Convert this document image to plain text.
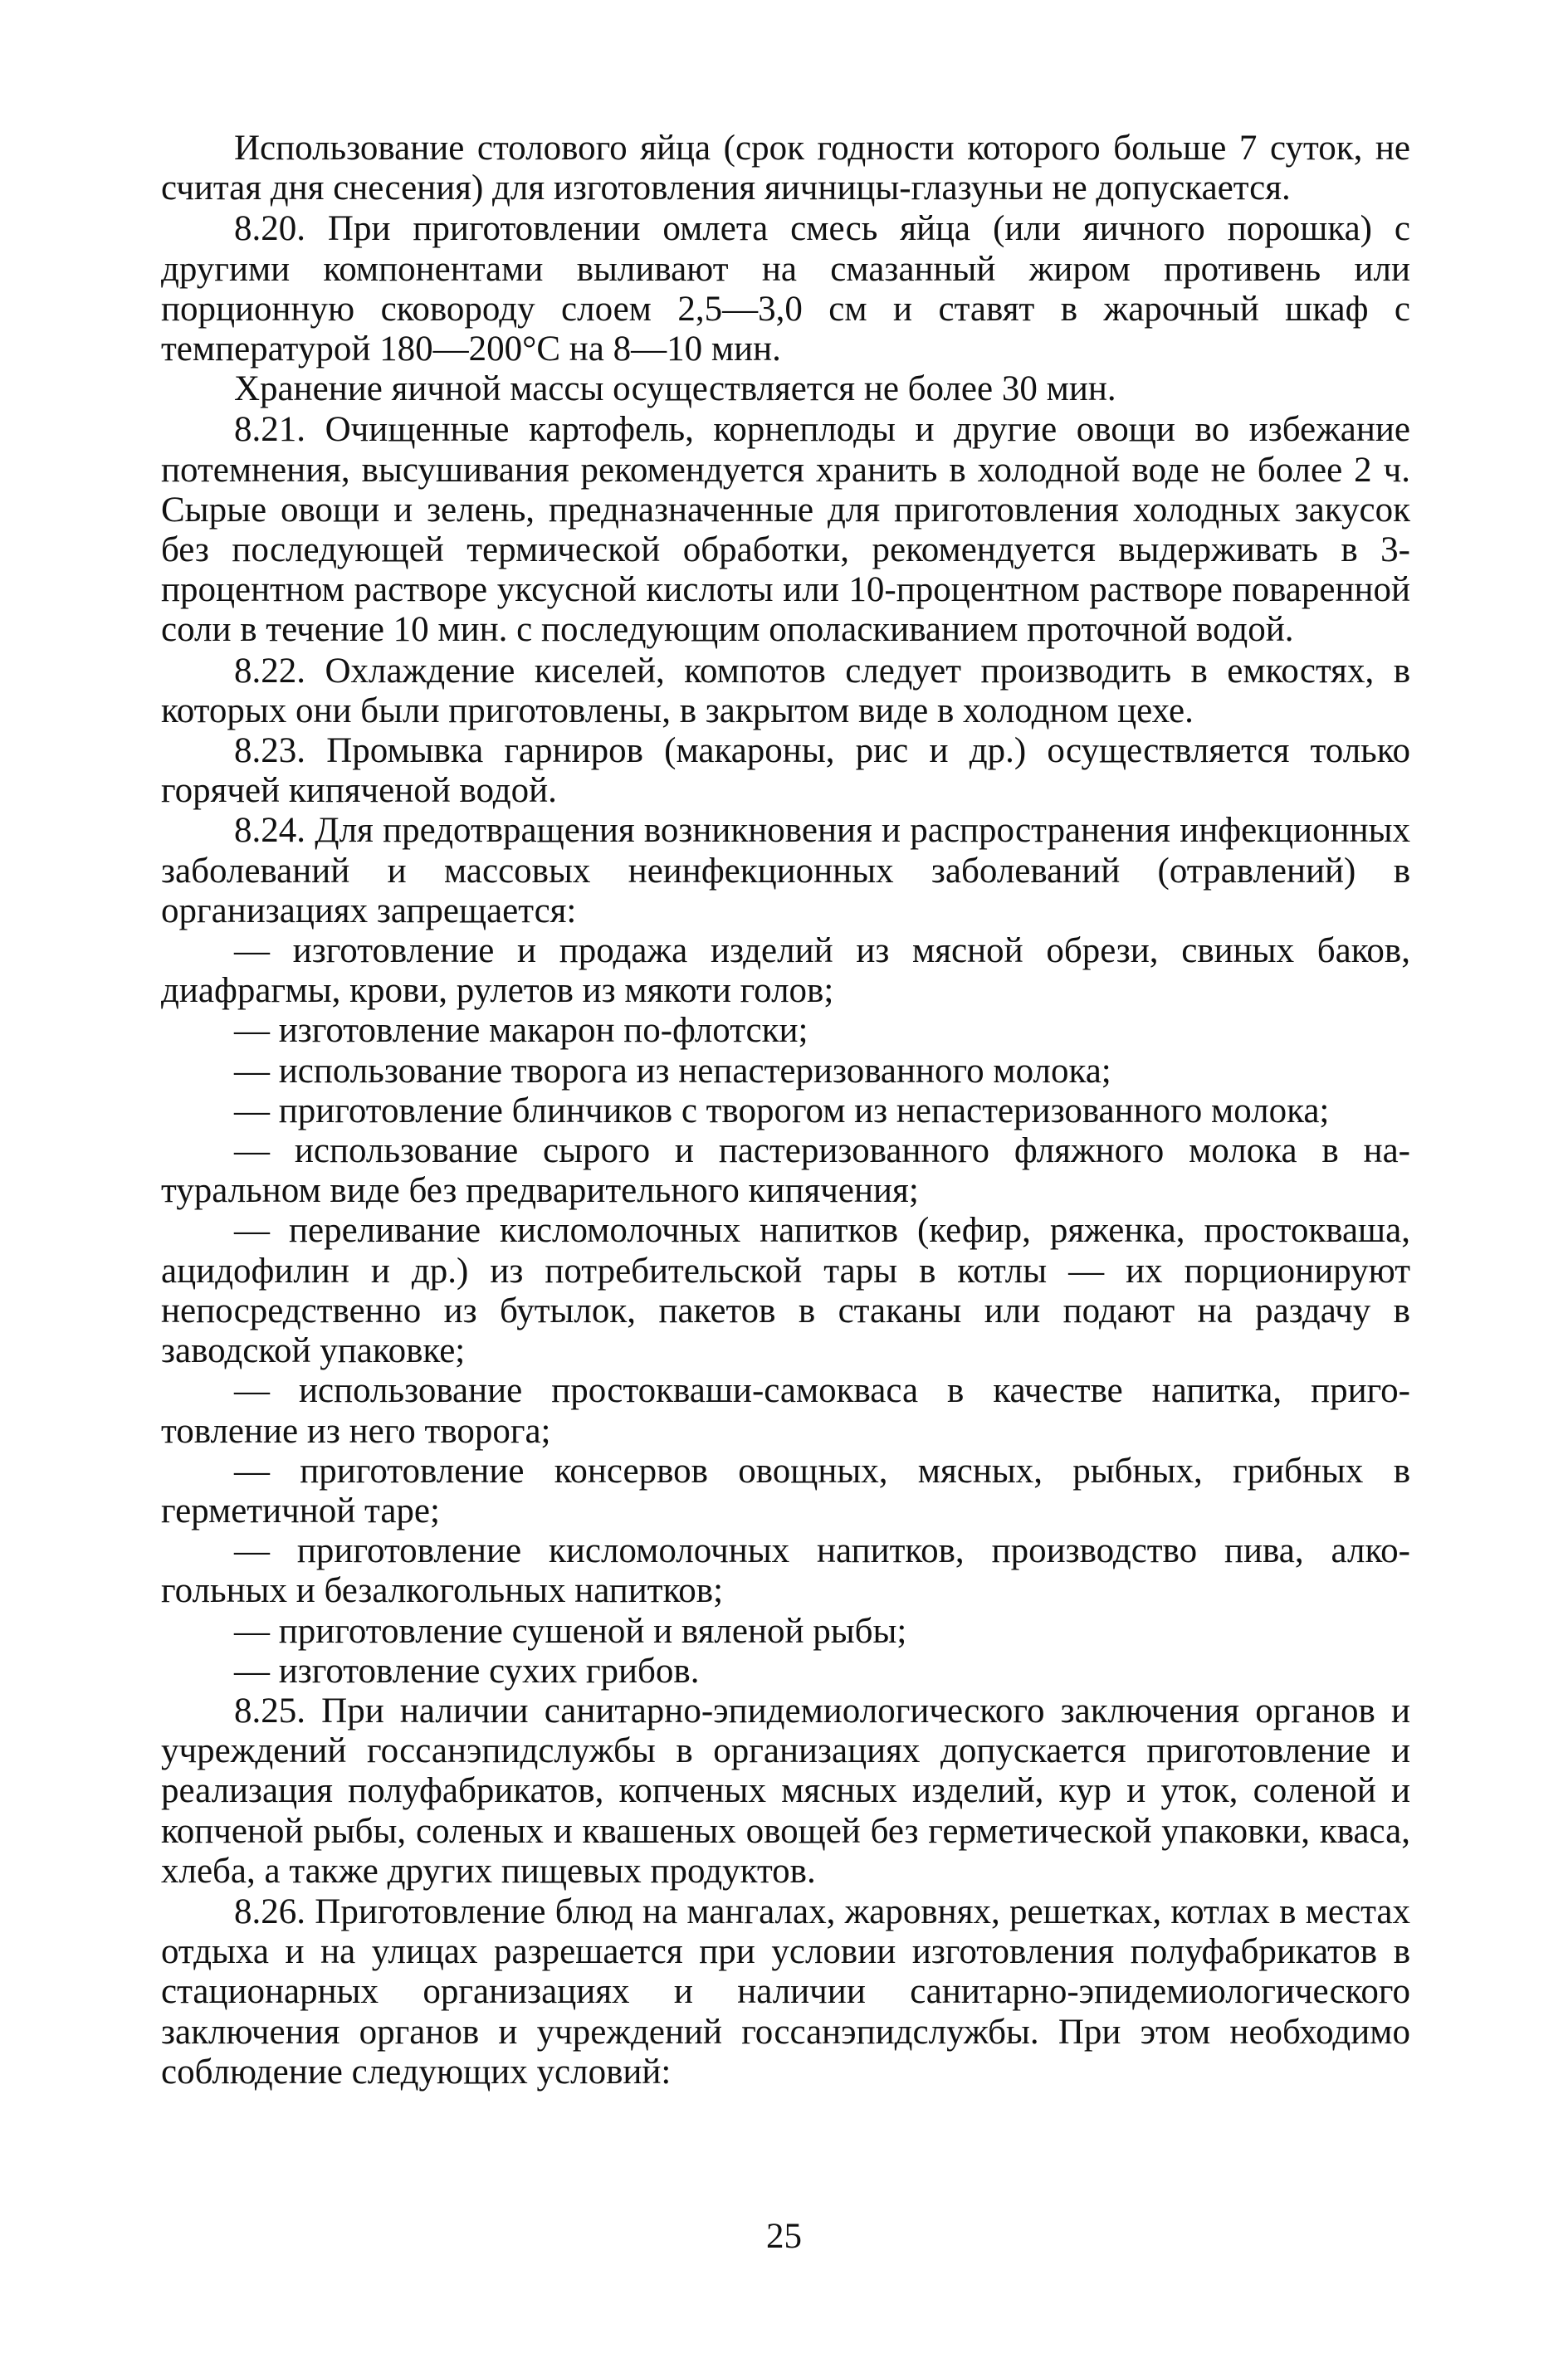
Использование столового яйца (срок годности которого больше 7 суток, не считая дня снесения) для изготовления яичницы-глазуньи не допускается.

8.20. При приготовлении омлета смесь яйца (или яичного порошка) с другими компонентами выливают на смазанный жиром противень или порционную сковороду слоем 2,5—3,0 см и ставят в жарочный шкаф с температурой 180—200°С на 8—10 мин.

Хранение яичной массы осуществляется не более 30 мин.

8.21. Очищенные картофель, корнеплоды и другие овощи во избежание потемнения, высушивания рекомендуется хранить в холодной воде не более 2 ч. Сырые овощи и зелень, предназначенные для приготовления холодных закусок без последующей термической обработки, рекомендуется выдерживать в 3-процентном растворе уксусной кислоты или 10-процентном растворе поваренной соли в течение 10 мин. с последующим ополаскиванием проточной водой.

8.22. Охлаждение киселей, компотов следует производить в емкостях, в которых они были приготовлены, в закрытом виде в холодном цехе.

8.23. Промывка гарниров (макароны, рис и др.) осуществляется только горячей кипяченой водой.

8.24. Для предотвращения возникновения и распространения инфекционных заболеваний и массовых неинфекционных заболеваний (отравлений) в организациях запрещается:

— изготовление и продажа изделий из мясной обрези, свиных баков, диафрагмы, крови, рулетов из мякоти голов;

— изготовление макарон по-флотски;

— использование творога из непастеризованного молока;

— приготовление блинчиков с творогом из непастеризованного молока;

— использование сырого и пастеризованного фляжного молока в натуральном виде без предварительного кипячения;

— переливание кисломолочных напитков (кефир, ряженка, простокваша, ацидофилин и др.) из потребительской тары в котлы — их порционируют непосредственно из бутылок, пакетов в стаканы или подают на раздачу в заводской упаковке;

— использование простокваши-самокваса в качестве напитка, приготовление из него творога;

— приготовление консервов овощных, мясных, рыбных, грибных в герметичной таре;

— приготовление кисломолочных напитков, производство пива, алкогольных и безалкогольных напитков;

— приготовление сушеной и вяленой рыбы;

— изготовление сухих грибов.

8.25. При наличии санитарно-эпидемиологического заключения органов и учреждений госсанэпидслужбы в организациях допускается приготовление и реализация полуфабрикатов, копченых мясных изделий, кур и уток, соленой и копченой рыбы, соленых и квашеных овощей без герметической упаковки, кваса, хлеба, а также других пищевых продуктов.

8.26. Приготовление блюд на мангалах, жаровнях, решетках, котлах в местах отдыха и на улицах разрешается при условии изготовления полуфабрикатов в стационарных организациях и наличии санитарно-эпидемиологического заключения органов и учреждений госсанэпидслужбы. При этом необходимо соблюдение следующих условий:

25
